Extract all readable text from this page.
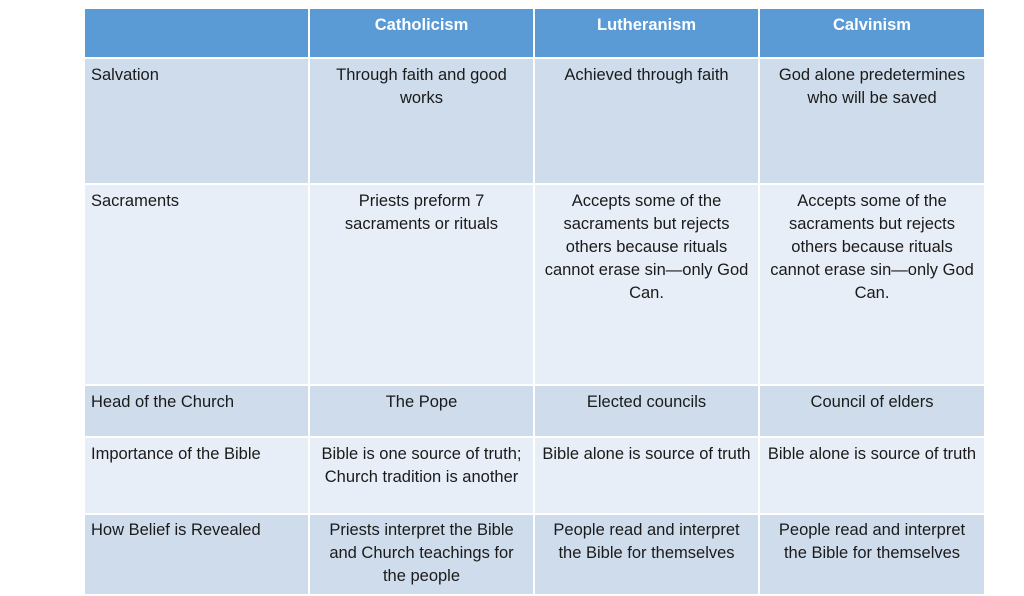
	Catholicism	Lutheranism	Calvinism
Salvation	Through faith and good works	Achieved through faith	God alone predetermines who will be saved
Sacraments	Priests preform 7 sacraments or rituals	Accepts some of the sacraments but rejects others because rituals cannot erase sin—only God Can.	Accepts some of the sacraments but rejects others because rituals cannot erase sin—only God Can.
Head of the Church	The Pope	Elected councils	Council of elders
Importance of the Bible	Bible is one source of truth; Church tradition is another	Bible alone is source of truth	Bible alone is source of truth
How Belief is Revealed	Priests interpret the Bible and Church teachings for the people	People read and interpret the Bible for themselves	People read and interpret the Bible for themselves
